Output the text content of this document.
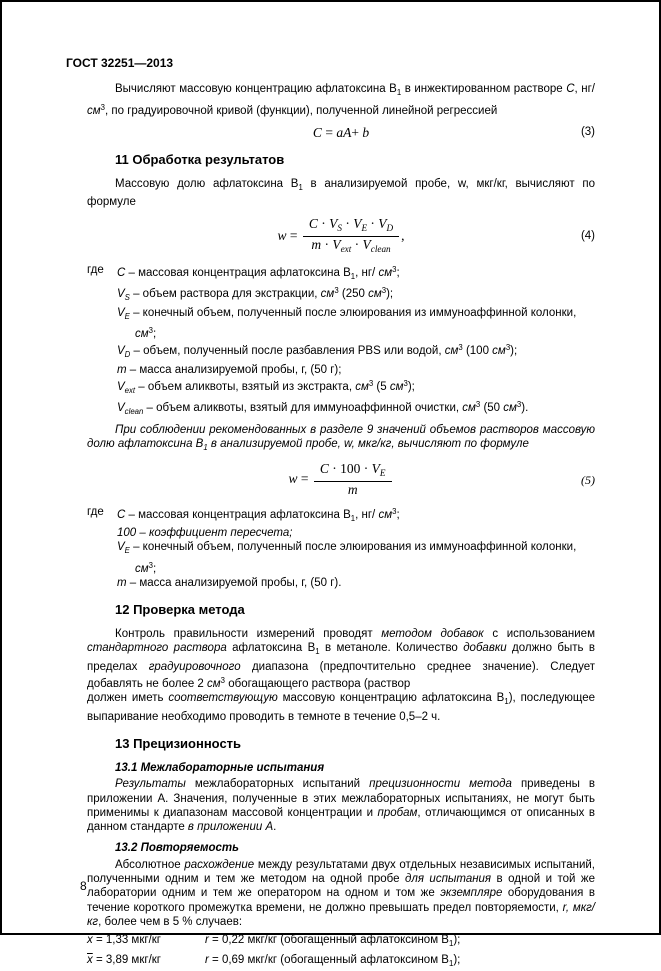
ГОСТ 32251—2013

Вычисляют массовую концентрацию афлатоксина $В_1$ в инжектированном растворе С, нг/ $см^3$, по градуировочной кривой (функции), полученной линейной регрессией

С = аА+ b	(3)
11 Обработка результатов

Массовую долю афлатоксина $В_1$ в анализируемой пробе, w, мкг/кг, вычисляют по формуле

$w = \frac{C \cdot V_S \cdot V_E \cdot V_D}{m \cdot V_{ext} \cdot V_{clean}}$ ,	(4)
где	С – массовая концентрация афлатоксина $В_1$, нг/ $см^3$;
$V_S$ – объем раствора для экстракции, $см^3$ (250 $см^3$);
$V_E$ – конечный объем, полученный после элюирования из иммуноаффинной колонки, $см^3$;
$V_D$ – объем, полученный после разбавления PBS или водой, $см^3$ (100 $см^3$);
m – масса анализируемой пробы, г, (50 г);
$V_{ext}$ – объем аликвоты, взятый из экстракта, $см^3$ (5 $см^3$);
$V_{clean}$ – объем аликвоты, взятый для иммуноаффинной очистки, $см^3$ (50 $см^3$).

При соблюдении рекомендованных в разделе 9 значений объемов растворов массовую долю афлатоксина $В_1$ в анализируемой пробе, w, мкг/кг, вычисляют по формуле

$w = \frac{C \cdot 100 \cdot V_E}{m}$	(5)
где	С – массовая концентрация афлатоксина $В_1$, нг/ $см^3$;
100 – коэффициент пересчета;
$V_E$ – конечный объем, полученный после элюирования из иммуноаффинной колонки, $см^3$;
m – масса анализируемой пробы, г, (50 г).
12 Проверка метода

Контроль правильности измерений проводят методом добавок с использованием стандартного раствора афлатоксина $В_1$ в метаноле. Количество добавки должно быть в пределах градуировочного диапазона (предпочтительно среднее значение). Следует добавлять не более 2 $см^3$ обогащающего раствора (раствор

должен иметь соответствующую массовую концентрацию афлатоксина $В_1$), последующее выпаривание необходимо проводить в темноте в течение 0,5–2 ч.

13 Прецизионность
13.1 Межлабораторные испытания

Результаты межлабораторных испытаний прецизионности метода приведены в приложении А. Значения, полученные в этих межлабораторных испытаниях, не могут быть применимы к диапазонам массовой концентрации и пробам, отличающимся от описанных в данном стандарте в приложении А.

13.2 Повторяемость

Абсолютное расхождение между результатами двух отдельных независимых испытаний, полученными одним и тем же методом на одной пробе для испытания в одной и той же лаборатории одним и тем же оператором на одном и том же экземпляре оборудования в течение короткого промежутка времени, не должно превышать предел повторяемости, r, мкг/кг, более чем в 5 % случаев:

$\overline{x} = 1,33$ мкг/кг	r = 0,22 мкг/кг (обогащенный афлатоксином $В_1$);
$\overline{x} = 3,89$ мкг/кг	r = 0,69 мкг/кг (обогащенный афлатоксином $В_1$);
8
